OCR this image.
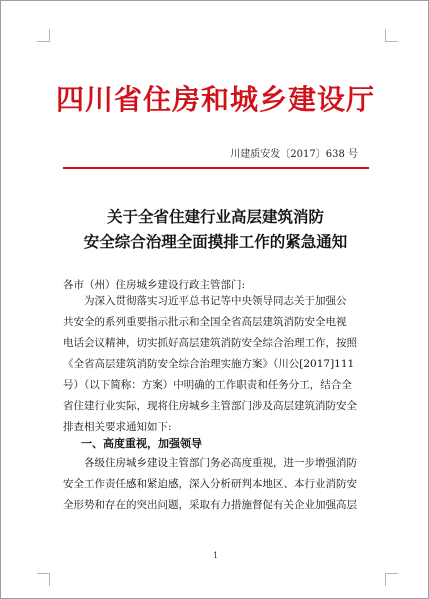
四川省住房和城乡建设厅
川建质安发〔2017〕638 号
关于全省住建行业高层建筑消防
安全综合治理全面摸排工作的紧急通知
各市（州）住房城乡建设行政主管部门:
为深入贯彻落实习近平总书记等中央领导同志关于加强公
共安全的系列重要指示批示和全国全省高层建筑消防安全电视
电话会议精神，切实抓好高层建筑消防安全综合治理工作，按照
《全省高层建筑消防安全综合治理实施方案》（川公[2017]111
号）（以下简称：方案）中明确的工作职责和任务分工，结合全
省住建行业实际，现将住房城乡主管部门涉及高层建筑消防安全
排查相关要求通知如下:
一、高度重视，加强领导
各级住房城乡建设主管部门务必高度重视，进一步增强消防
安全工作责任感和紧迫感，深入分析研判本地区、本行业消防安
全形势和存在的突出问题，采取有力措施督促有关企业加强高层
1
